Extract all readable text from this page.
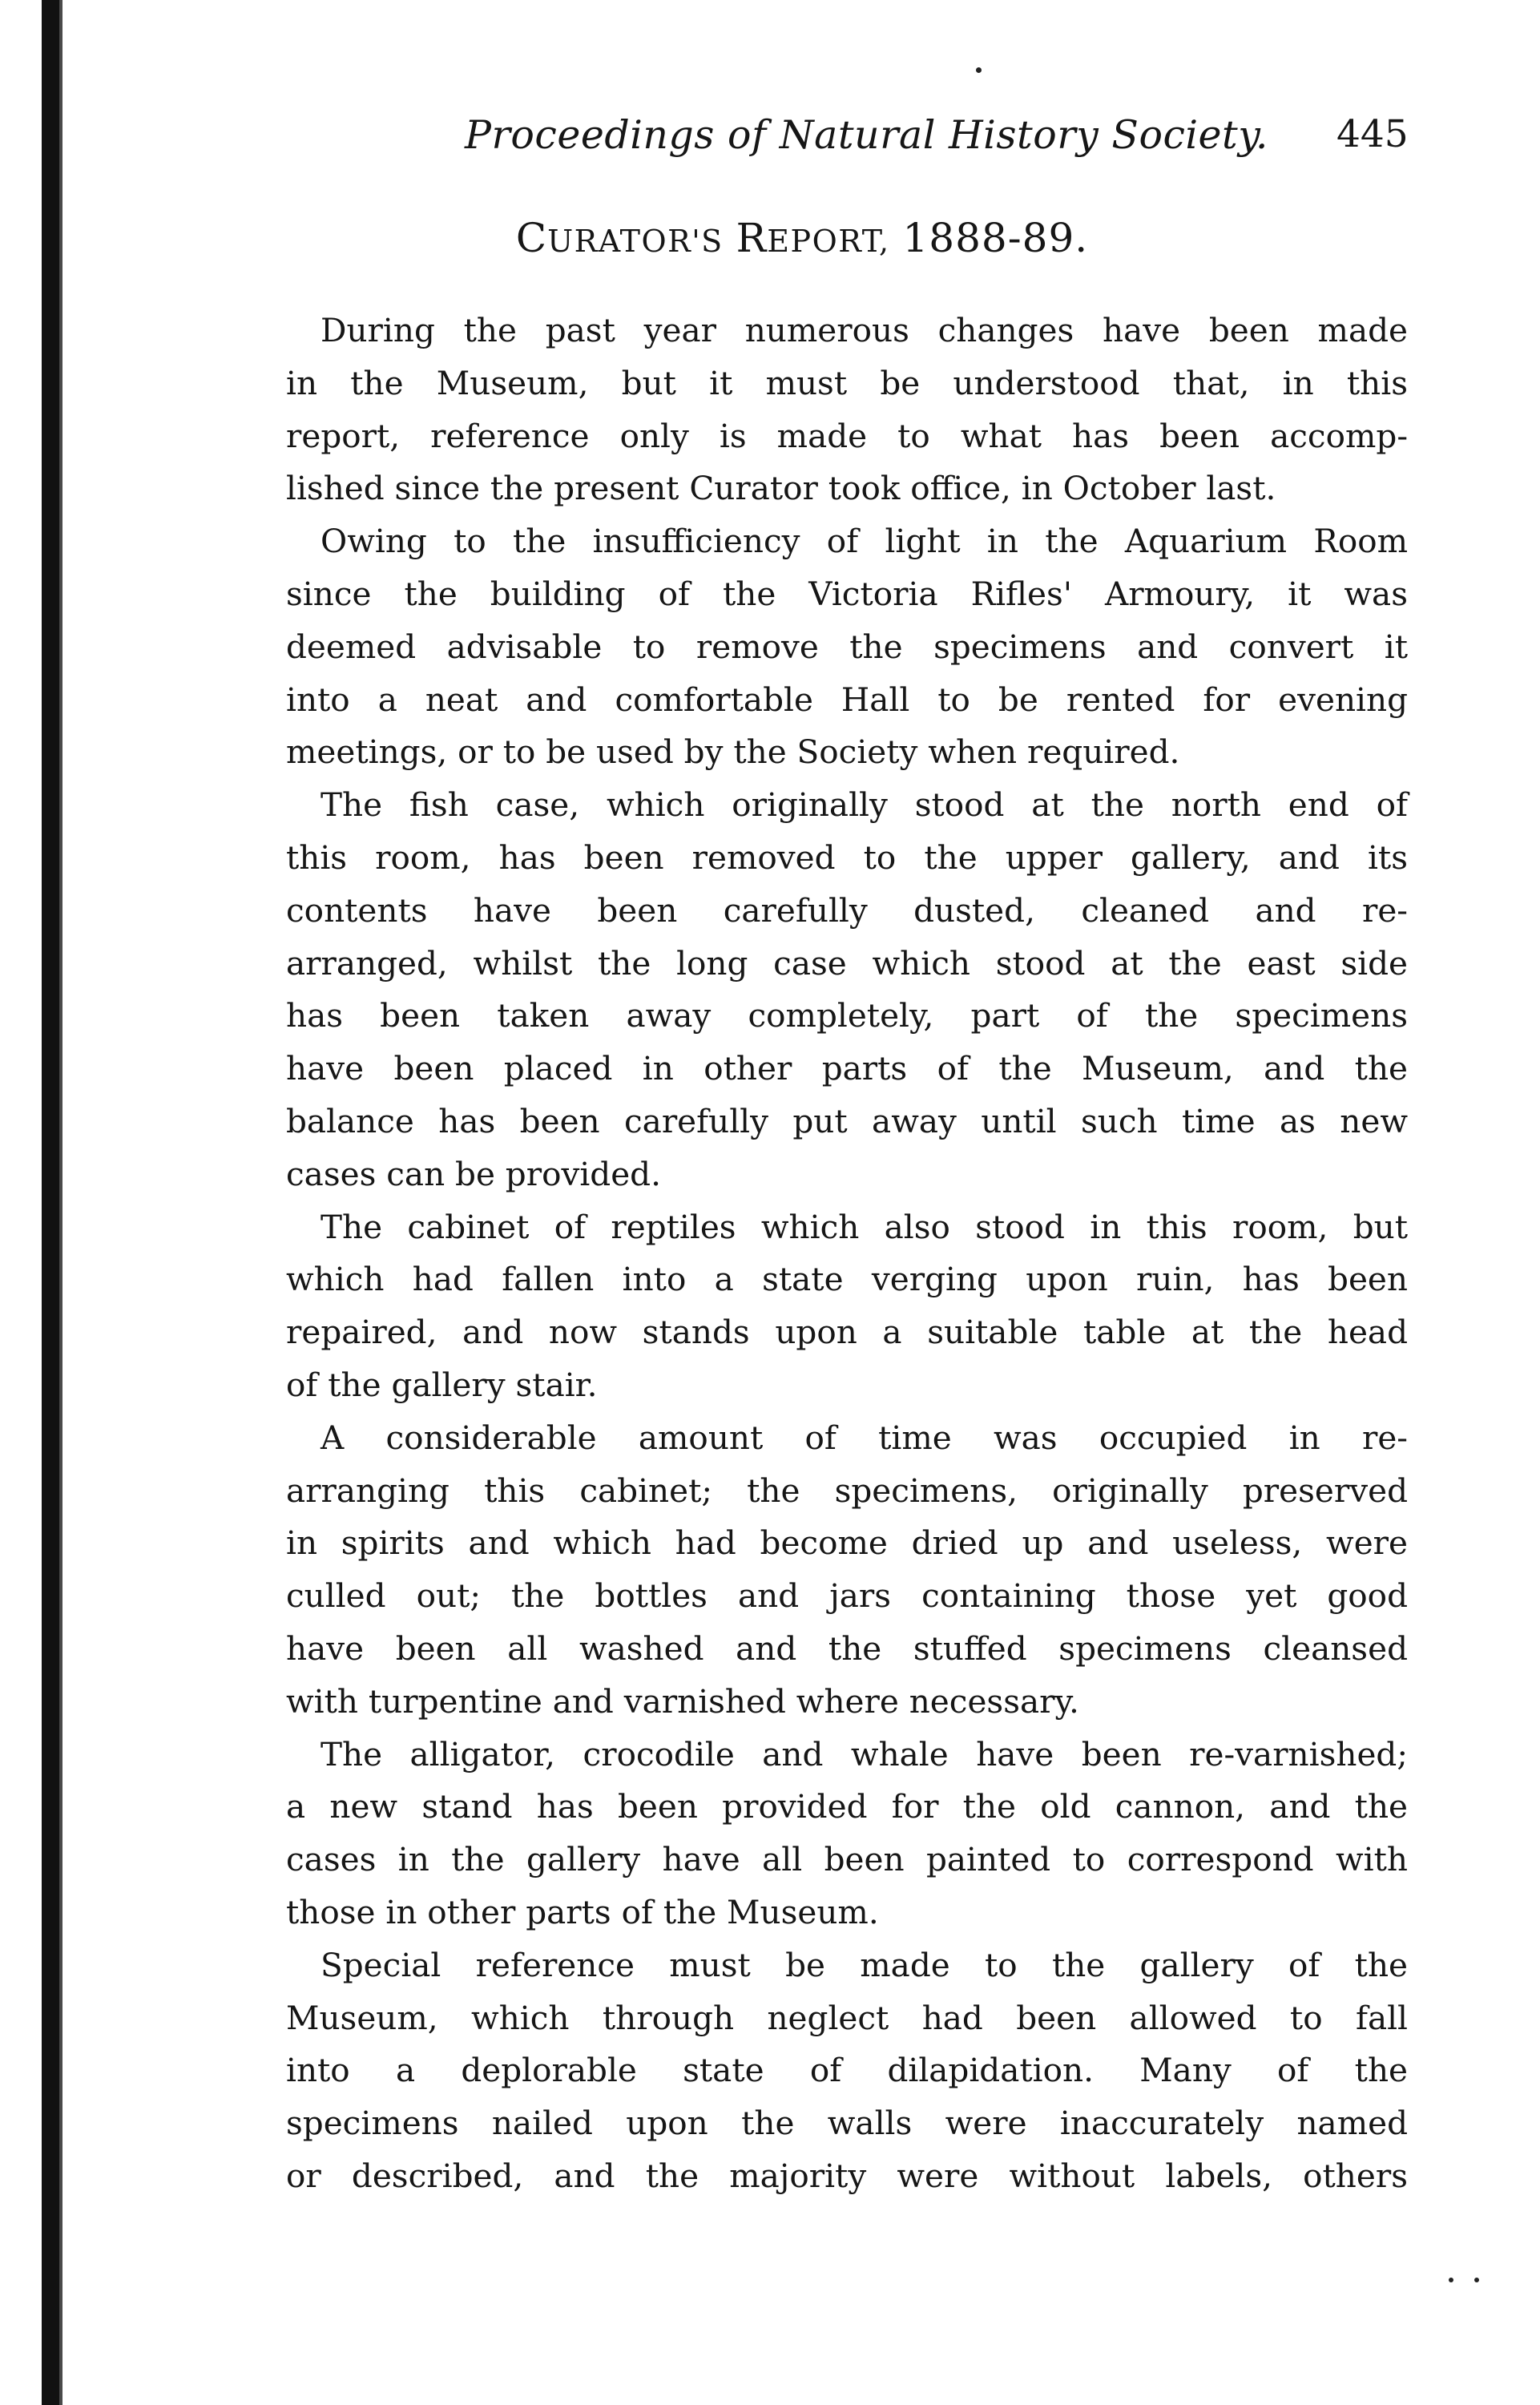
Proceedings of Natural History Society. 445
CURATOR'S REPORT, 1888-89.
During the past year numerous changes have been made
in the Museum, but it must be understood that, in this
report, reference only is made to what has been accomp-
lished since the present Curator took office, in October last.
Owing to the insufficiency of light in the Aquarium Room
since the building of the Victoria Rifles' Armoury, it was
deemed advisable to remove the specimens and convert it
into a neat and comfortable Hall to be rented for evening
meetings, or to be used by the Society when required.
The fish case, which originally stood at the north end of
this room, has been removed to the upper gallery, and its
contents have been carefully dusted, cleaned and re-
arranged, whilst the long case which stood at the east side
has been taken away completely, part of the specimens
have been placed in other parts of the Museum, and the
balance has been carefully put away until such time as new
cases can be provided.
The cabinet of reptiles which also stood in this room, but
which had fallen into a state verging upon ruin, has been
repaired, and now stands upon a suitable table at the head
of the gallery stair.
A considerable amount of time was occupied in re-
arranging this cabinet; the specimens, originally preserved
in spirits and which had become dried up and useless, were
culled out; the bottles and jars containing those yet good
have been all washed and the stuffed specimens cleansed
with turpentine and varnished where necessary.
The alligator, crocodile and whale have been re-varnished;
a new stand has been provided for the old cannon, and the
cases in the gallery have all been painted to correspond with
those in other parts of the Museum.
Special reference must be made to the gallery of the
Museum, which through neglect had been allowed to fall
into a deplorable state of dilapidation. Many of the
specimens nailed upon the walls were inaccurately named
or described, and the majority were without labels, others
